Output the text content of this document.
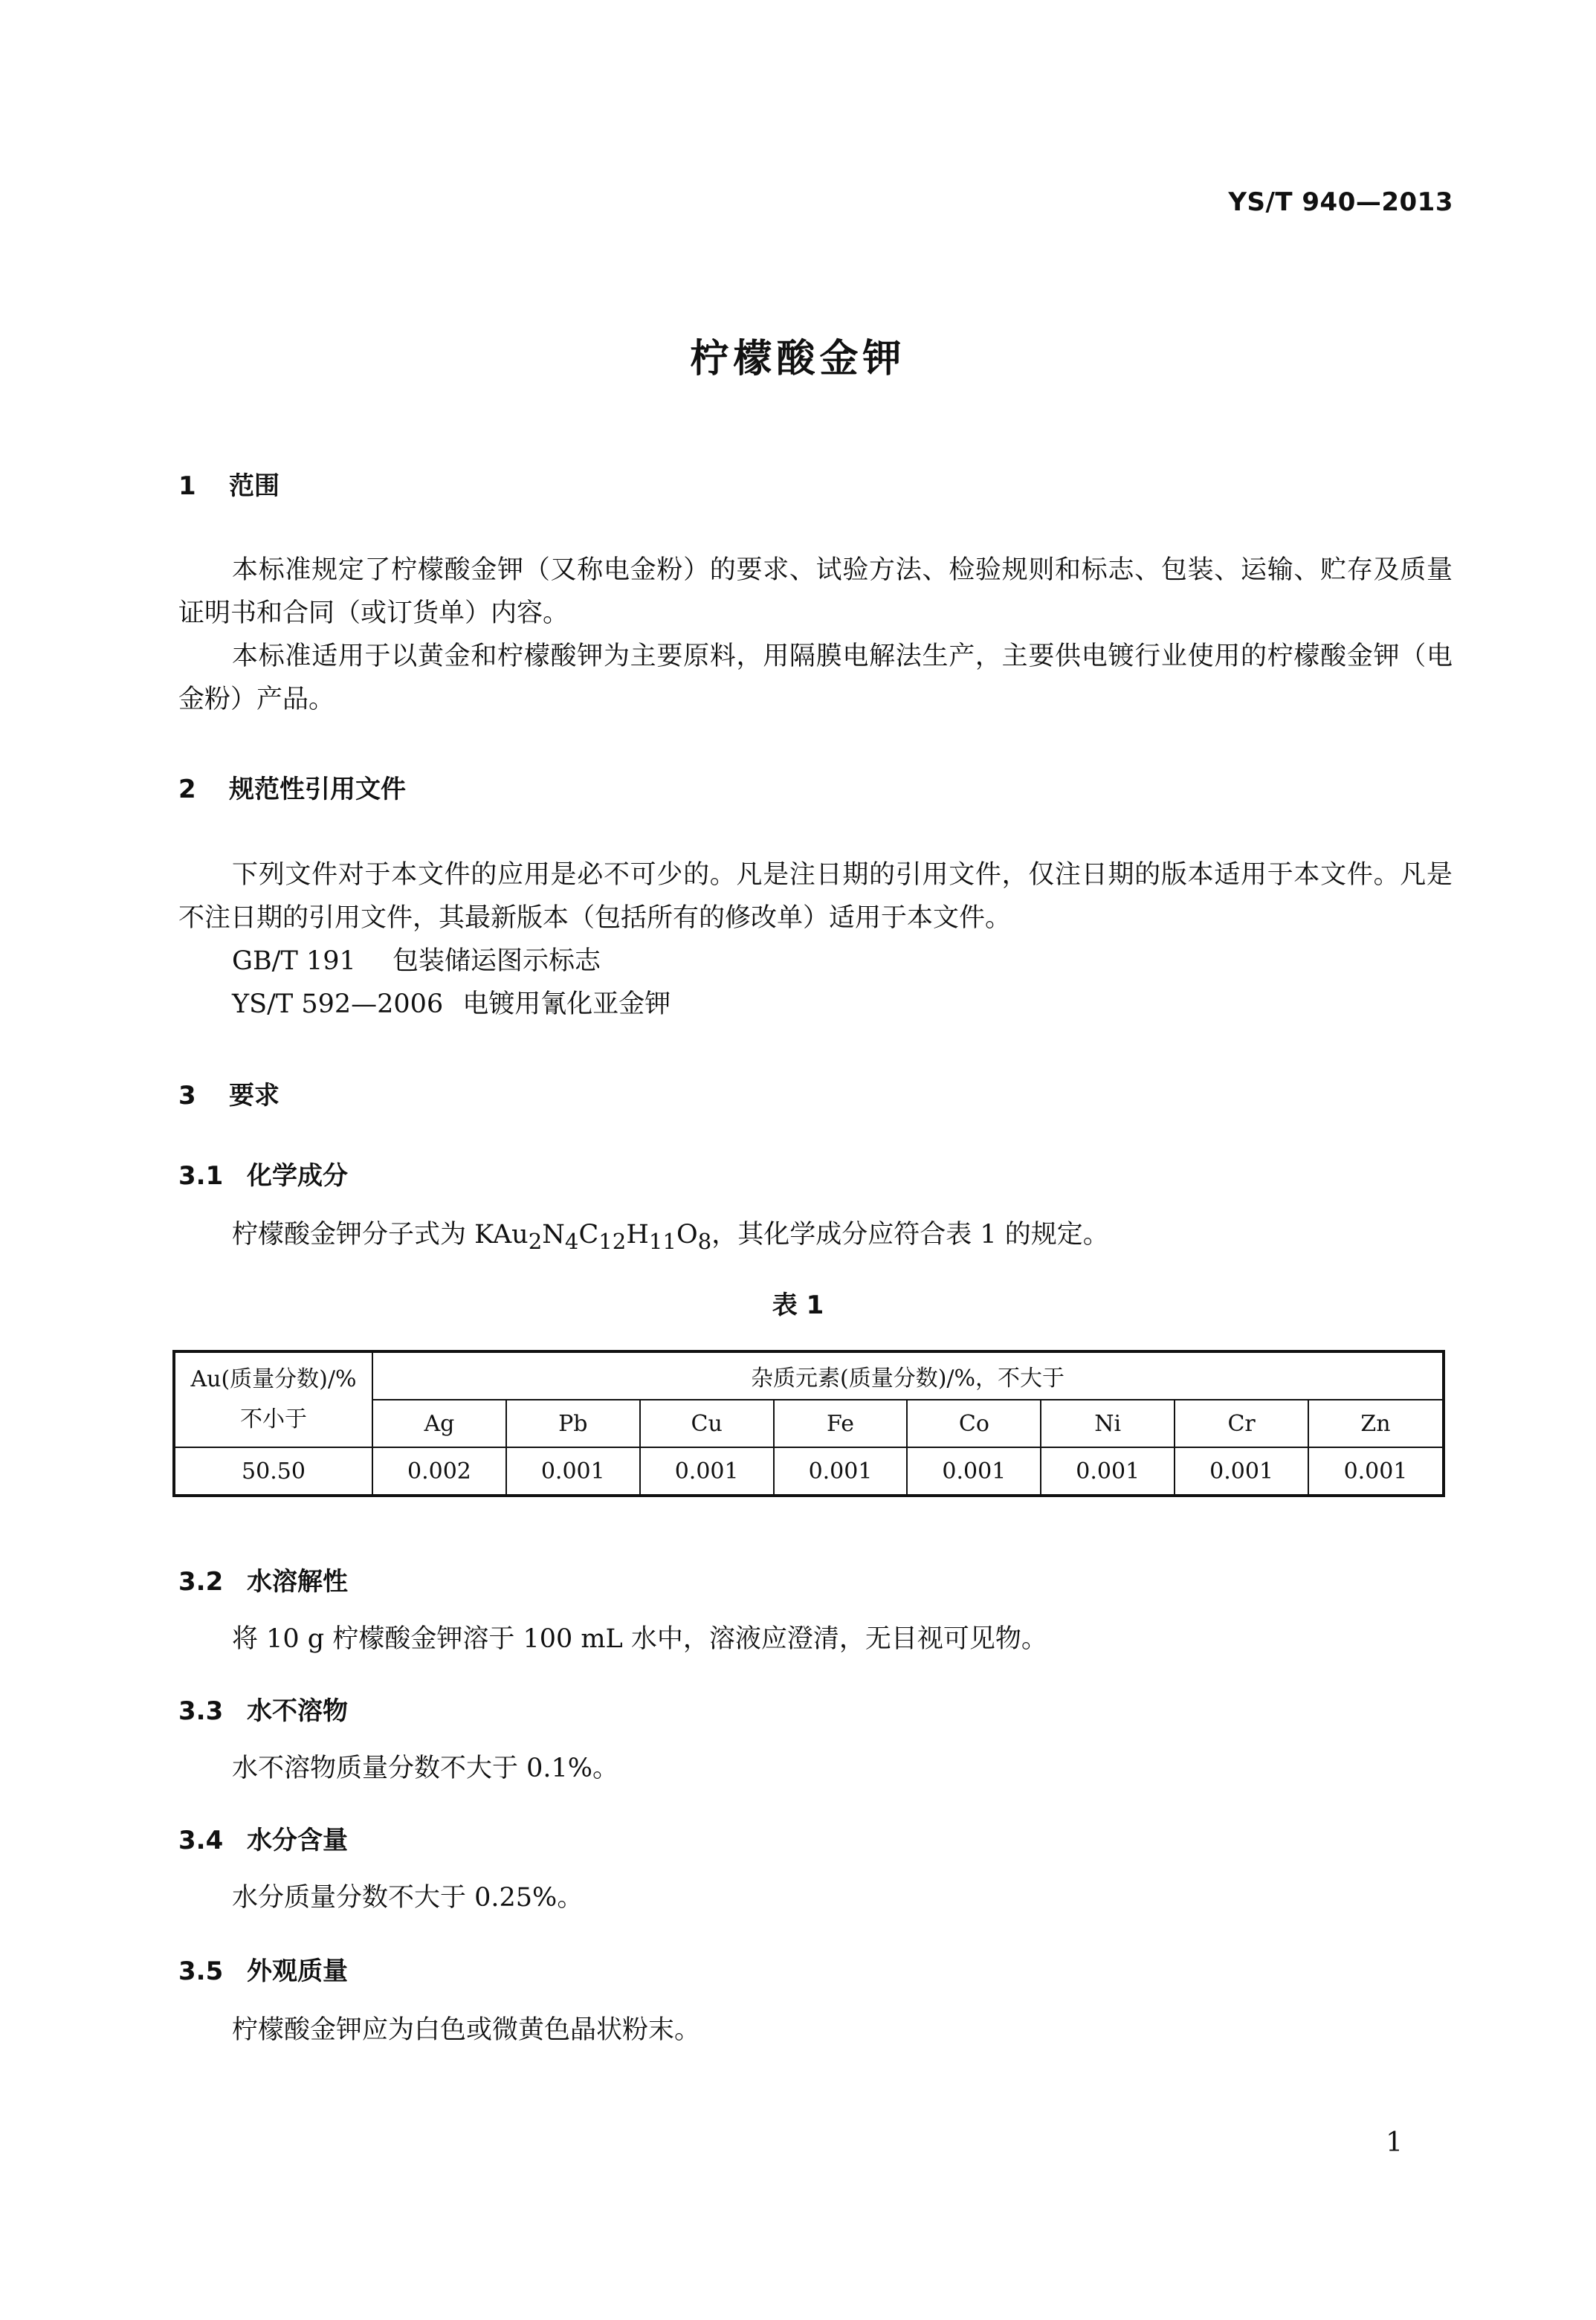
YS/T 940—2013
柠檬酸金钾
1 范围

本标准规定了柠檬酸金钾（又称电金粉）的要求、试验方法、检验规则和标志、包装、运输、贮存及质量证明书和合同（或订货单）内容。

本标准适用于以黄金和柠檬酸钾为主要原料，用隔膜电解法生产，主要供电镀行业使用的柠檬酸金钾（电金粉）产品。

2 规范性引用文件

下列文件对于本文件的应用是必不可少的。凡是注日期的引用文件，仅注日期的版本适用于本文件。凡是不注日期的引用文件，其最新版本（包括所有的修改单）适用于本文件。

GB/T 191 包装储运图示标志
YS/T 592—2006 电镀用氰化亚金钾
3 要求
3.1 化学成分

柠檬酸金钾分子式为 $KAu_2N_4C_{12}H_{11}O_8$，其化学成分应符合表 1 的规定。

表 1
Au(质量分数)/%
不小于	杂质元素(质量分数)/%，不大于							
	Ag	Pb	Cu	Fe	Co	Ni	Cr	Zn
50.50	0.002	0.001	0.001	0.001	0.001	0.001	0.001	0.001
3.2 水溶解性

将 10 g 柠檬酸金钾溶于 100 mL 水中，溶液应澄清，无目视可见物。

3.3 水不溶物

水不溶物质量分数不大于 0.1%。

3.4 水分含量

水分质量分数不大于 0.25%。

3.5 外观质量

柠檬酸金钾应为白色或微黄色晶状粉末。

1
